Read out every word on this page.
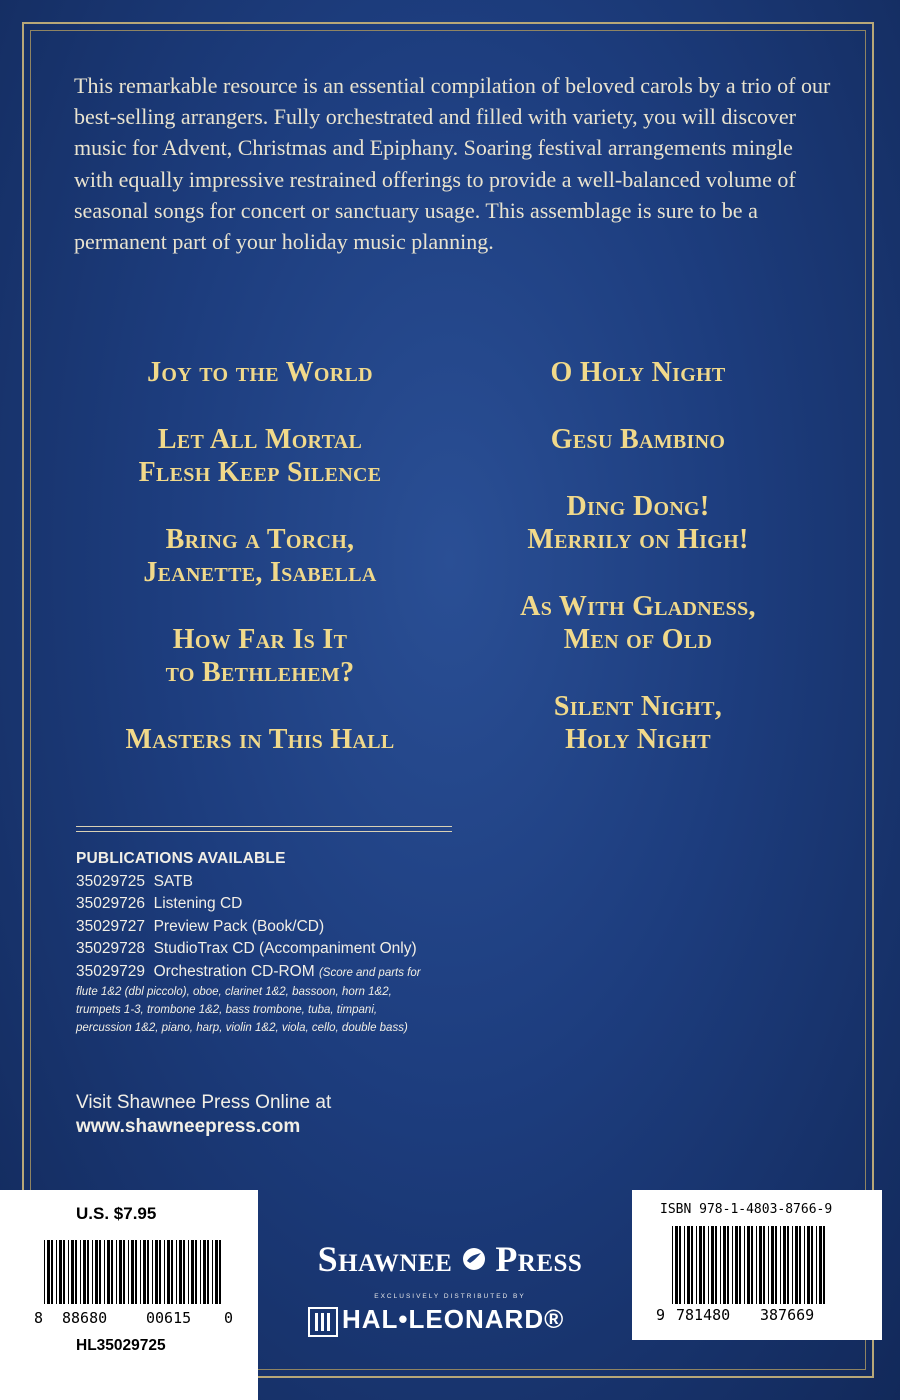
This remarkable resource is an essential compilation of beloved carols by a trio of our best-selling arrangers. Fully orchestrated and filled with variety, you will discover music for Advent, Christmas and Epiphany. Soaring festival arrangements mingle with equally impressive restrained offerings to provide a well-balanced volume of seasonal songs for concert or sanctuary usage. This assemblage is sure to be a permanent part of your holiday music planning.

Joy to the World
Let All Mortal
Flesh Keep Silence
Bring a Torch,
Jeanette, Isabella
How Far Is It
to Bethlehem?
Masters in This Hall
O Holy Night
Gesu Bambino
Ding Dong!
Merrily on High!
As With Gladness,
Men of Old
Silent Night,
Holy Night
PUBLICATIONS AVAILABLE
35029725 SATB
35029726 Listening CD
35029727 Preview Pack (Book/CD)
35029728 StudioTrax CD (Accompaniment Only)
35029729 Orchestration CD-ROM (Score and parts for
flute 1&2 (dbl piccolo), oboe, clarinet 1&2, bassoon, horn 1&2,
trumpets 1-3, trombone 1&2, bass trombone, tuba, timpani,
percussion 1&2, piano, harp, violin 1&2, viola, cello, double bass)
Visit Shawnee Press Online at
www.shawneepress.com
U.S. $7.95
8 88680	00615 0
HL35029725
Shawnee Press
EXCLUSIVELY DISTRIBUTED BY
HAL•LEONARD®
ISBN 978-1-4803-8766-9
9 781480 387669
